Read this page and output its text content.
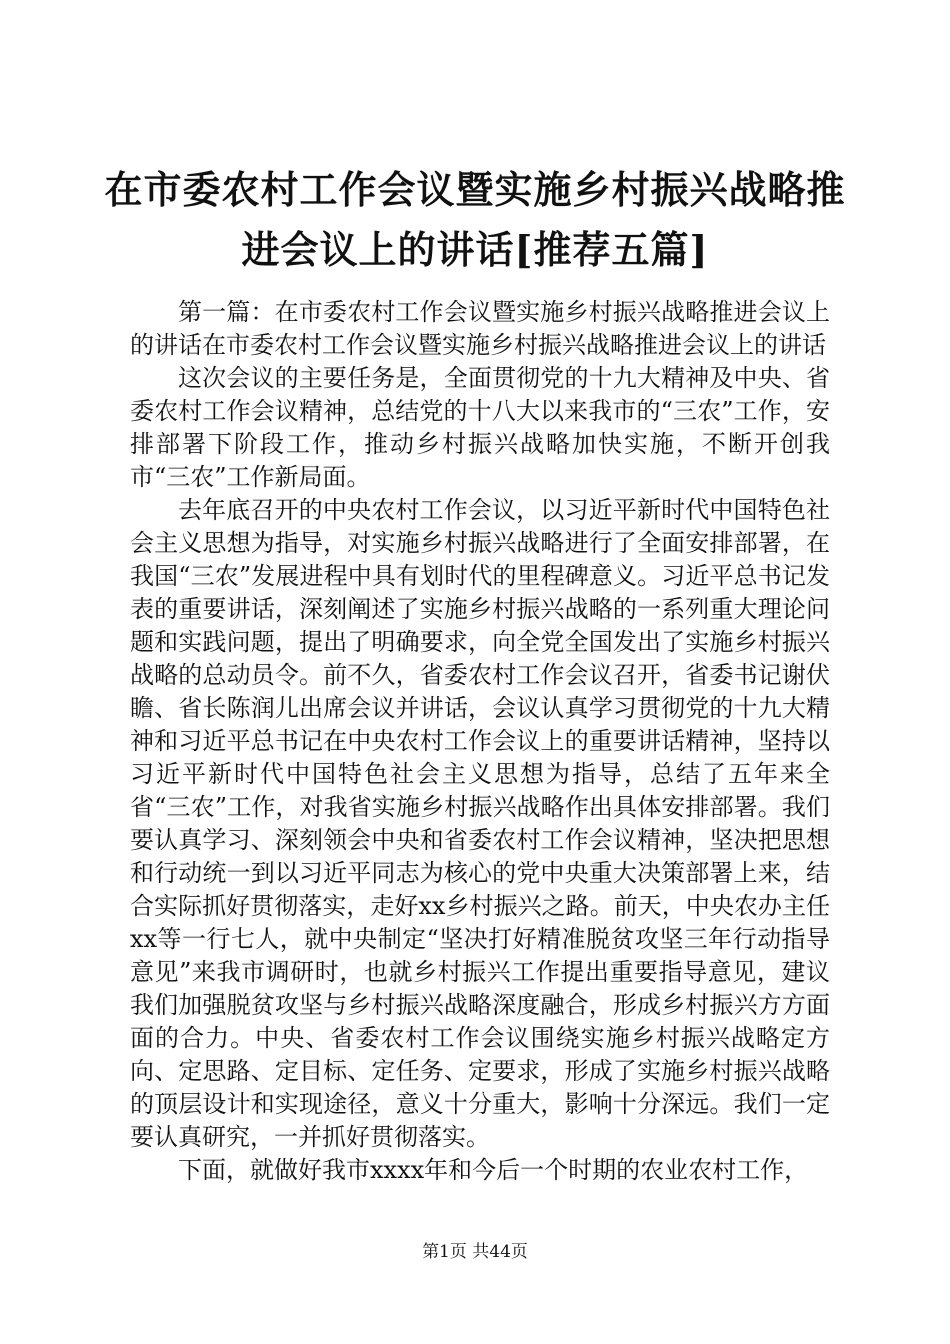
在市委农村工作会议暨实施乡村振兴战略推进会议上的讲话[推荐五篇]

第一篇：在市委农村工作会议暨实施乡村振兴战略推进会议上的讲话在市委农村工作会议暨实施乡村振兴战略推进会议上的讲话

这次会议的主要任务是，全面贯彻党的十九大精神及中央、省委农村工作会议精神，总结党的十八大以来我市的“三农”工作，安排部署下阶段工作，推动乡村振兴战略加快实施，不断开创我市“三农”工作新局面。

去年底召开的中央农村工作会议，以习近平新时代中国特色社会主义思想为指导，对实施乡村振兴战略进行了全面安排部署，在我国“三农”发展进程中具有划时代的里程碑意义。习近平总书记发表的重要讲话，深刻阐述了实施乡村振兴战略的一系列重大理论问题和实践问题，提出了明确要求，向全党全国发出了实施乡村振兴战略的总动员令。前不久，省委农村工作会议召开，省委书记谢伏瞻、省长陈润儿出席会议并讲话，会议认真学习贯彻党的十九大精神和习近平总书记在中央农村工作会议上的重要讲话精神，坚持以习近平新时代中国特色社会主义思想为指导，总结了五年来全省“三农”工作，对我省实施乡村振兴战略作出具体安排部署。我们要认真学习、深刻领会中央和省委农村工作会议精神，坚决把思想和行动统一到以习近平同志为核心的党中央重大决策部署上来，结合实际抓好贯彻落实，走好xx乡村振兴之路。前天，中央农办主任xx等一行七人，就中央制定“坚决打好精准脱贫攻坚三年行动指导意见”来我市调研时，也就乡村振兴工作提出重要指导意见，建议我们加强脱贫攻坚与乡村振兴战略深度融合，形成乡村振兴方方面面的合力。中央、省委农村工作会议围绕实施乡村振兴战略定方向、定思路、定目标、定任务、定要求，形成了实施乡村振兴战略的顶层设计和实现途径，意义十分重大，影响十分深远。我们一定要认真研究，一并抓好贯彻落实。

下面，就做好我市xxxx年和今后一个时期的农业农村工作，

第1页 共44页
